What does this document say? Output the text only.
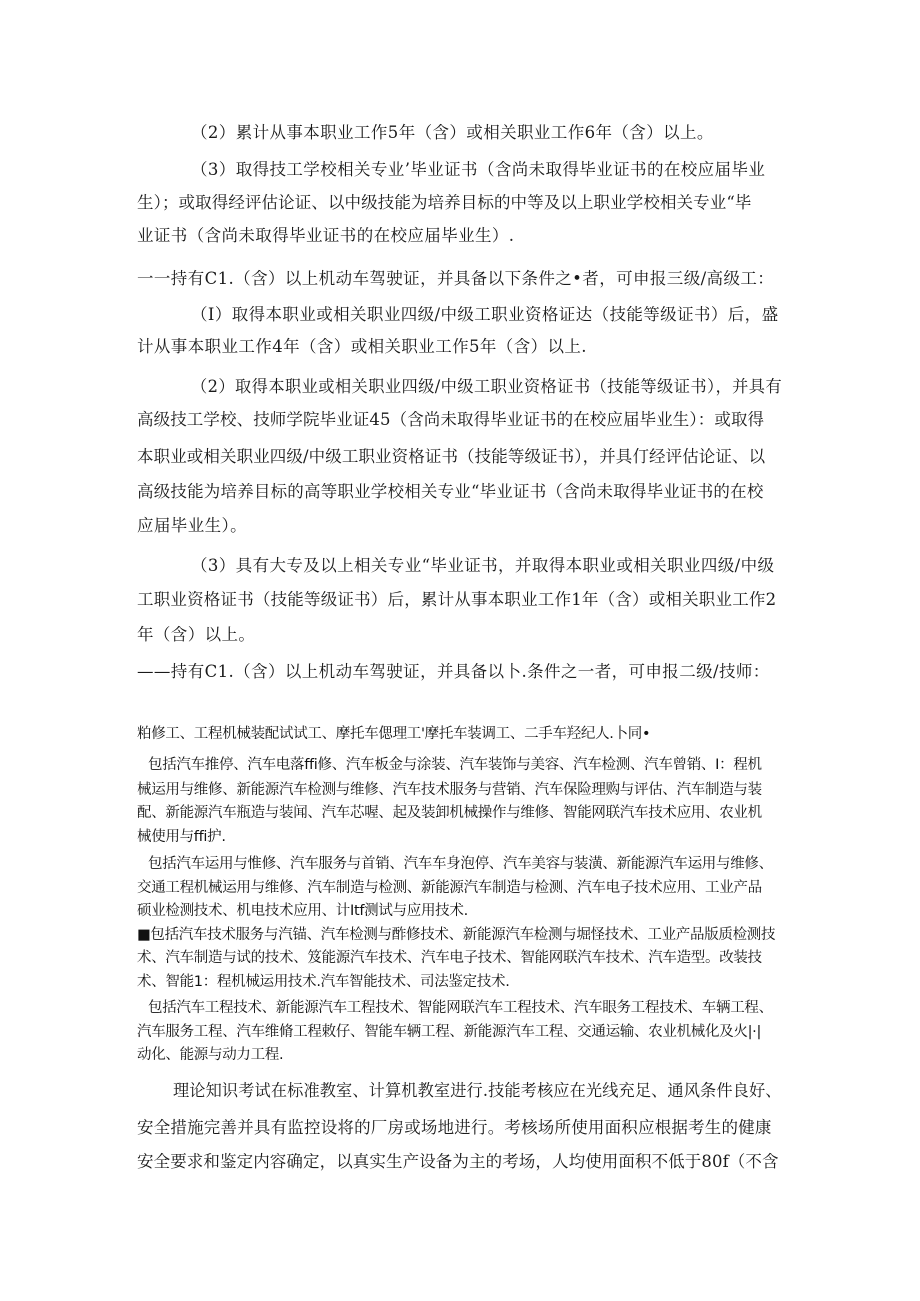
（2）累计从事本职业工作5年（含）或相关职业工作6年（含）以上。
（3）取得技工学校相关专业’毕业证书（含尚未取得毕业证书的在校应届毕业
生）；或取得经评估论证、以中级技能为培养目标的中等及以上职业学校相关专业“毕
业证书（含尚未取得毕业证书的在校应届毕业生）.
一一持有C1.（含）以上机动车驾驶证，并具备以下条件之•者，可申报三级/高级工：
（I）取得本职业或相关职业四级/中级工职业资格证达（技能等级证书）后，盛
计从事本职业工作4年（含）或相关职业工作5年（含）以上.
（2）取得本职业或相关职业四级/中级工职业资格证书（技能等级证书），并具有
高级技工学校、技师学院毕业证45（含尚未取得毕业证书的在校应届毕业生）：或取得
本职业或相关职业四级/中级工职业资格证书（技能等级证书），并具仃经评估论证、以
高级技能为培养目标的高等职业学校相关专业“毕业证书（含尚未取得毕业证书的在校
应届毕业生）。
（3）具有大专及以上相关专业“毕业证书，并取得本职业或相关职业四级/中级
工职业资格证书（技能等级证书）后，累计从事本职业工作1年（含）或相关职业工作2
年（含）以上。
——持有C1.（含）以上机动车驾驶证，并具备以卜.条件之一者，可申报二级/技师：
粕修工、工程机械装配试试工、摩托车偲理工'摩托车装调工、二手车羟纪人.卜同•
包括汽车推停、汽车电落ffi修、汽车板金与涂装、汽车装饰与美容、汽车检测、汽车曾销、I：程机
械运用与维修、新能源汽车检测与维修、汽车技术服务与营销、汽车保险理购与评估、汽车制造与装
配、新能源汽车瓶造与装闻、汽车芯喔、起及装卸机械操作与维修、智能网联汽车技术应用、农业机
械使用与ffi护.
包括汽车运用与惟修、汽车服务与首销、汽车车身泡停、汽车美容与装潢、新能源汽车运用与维修、
交通工程机械运用与维修、汽车制造与检测、新能源汽车制造与检测、汽车电子技术应用、工业产品
硕业检测技术、机电技术应用、计Itf测试与应用技术.
■包括汽车技术服务与汽锚、汽车检测与酢修技术、新能源汽车检测与堀怪技术、工业产品版质检测技
术、汽车制造与试的技术、笈能源汽车技术、汽车电子技术、智能网联汽车技术、汽车造型。改装技
术、智能1：程机械运用技术.汽车智能技术、司法鉴定技术.
包括汽车工程技术、新能源汽车工程技术、智能网联汽车工程技术、汽车眼务工程技术、车辆工程、
汽车服务工程、汽车维脩工程敕仔、智能车辆工程、新能源汽车工程、交通运输、农业机械化及火|·|
动化、能源与动力工程.
理论知识考试在标准教室、计算机教室进行.技能考核应在光线充足、通风条件良好、
安全措施完善并具有监控设将的厂房或场地进行。考核场所使用面积应根据考生的健康
安全要求和鉴定内容确定，以真实生产设备为主的考场，人均使用面积不低于80f（不含
